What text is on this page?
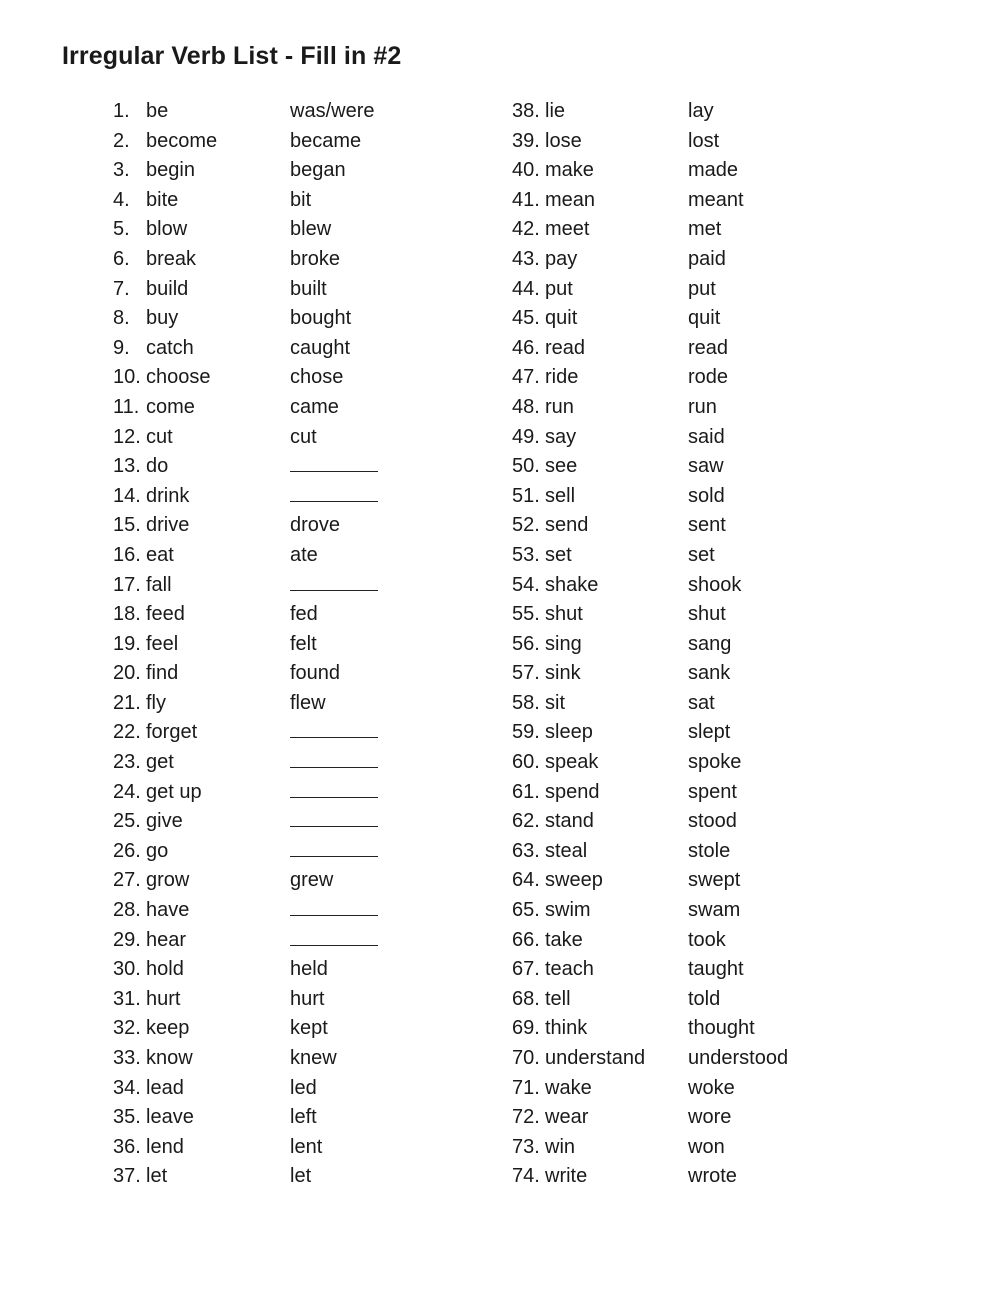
Irregular Verb List - Fill in #2
1. be	was/were
2. become	became
3. begin	began
4. bite	bit
5. blow	blew
6. break	broke
7. build	built
8. buy	bought
9. catch	caught
10. choose	chose
11. come	came
12. cut	cut
13. do
14. drink
15. drive	drove
16. eat	ate
17. fall
18. feed	fed
19. feel	felt
20. find	found
21. fly	flew
22. forget
23. get
24. get up
25. give
26. go
27. grow	grew
28. have
29. hear
30. hold	held
31. hurt	hurt
32. keep	kept
33. know	knew
34. lead	led
35. leave	left
36. lend	lent
37. let	let
38. lie	lay
39. lose	lost
40. make	made
41. mean	meant
42. meet	met
43. pay	paid
44. put	put
45. quit	quit
46. read	read
47. ride	rode
48. run	run
49. say	said
50. see	saw
51. sell	sold
52. send	sent
53. set	set
54. shake	shook
55. shut	shut
56. sing	sang
57. sink	sank
58. sit	sat
59. sleep	slept
60. speak	spoke
61. spend	spent
62. stand	stood
63. steal	stole
64. sweep	swept
65. swim	swam
66. take	took
67. teach	taught
68. tell	told
69. think	thought
70. understand understood
71. wake	woke
72. wear	wore
73. win	won
74. write	wrote
